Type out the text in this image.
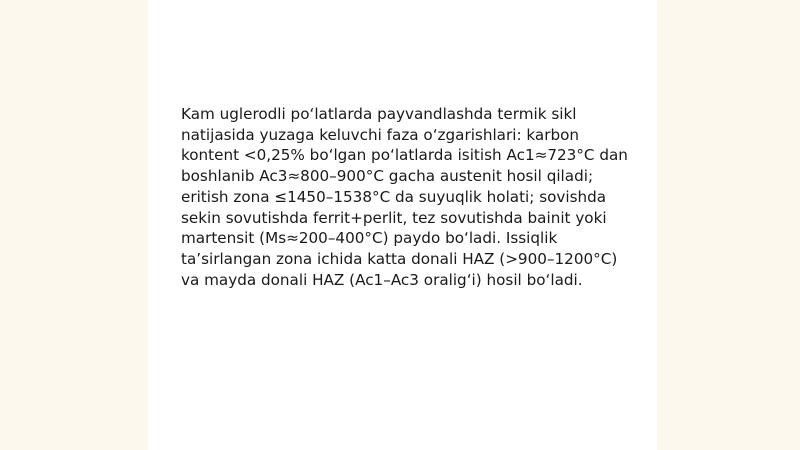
Kam uglerodli po‘latlarda payvandlashda termik sikl natijasida yuzaga keluvchi faza o‘zgarishlari: karbon kontent <0,25% bo‘lgan po‘latlarda isitish Ac1≈723°C dan boshlanib Ac3≈800–900°C gacha austenit hosil qiladi; eritish zona ≤1450–1538°C da suyuqlik holati; sovishda sekin sovutishda ferrit+perlit, tez sovutishda bainit yoki martensit (Ms≈200–400°C) paydo bo‘ladi. Issiqlik ta’sirlangan zona ichida katta donali HAZ (>900–1200°C) va mayda donali HAZ (Ac1–Ac3 oralig‘i) hosil bo‘ladi.
